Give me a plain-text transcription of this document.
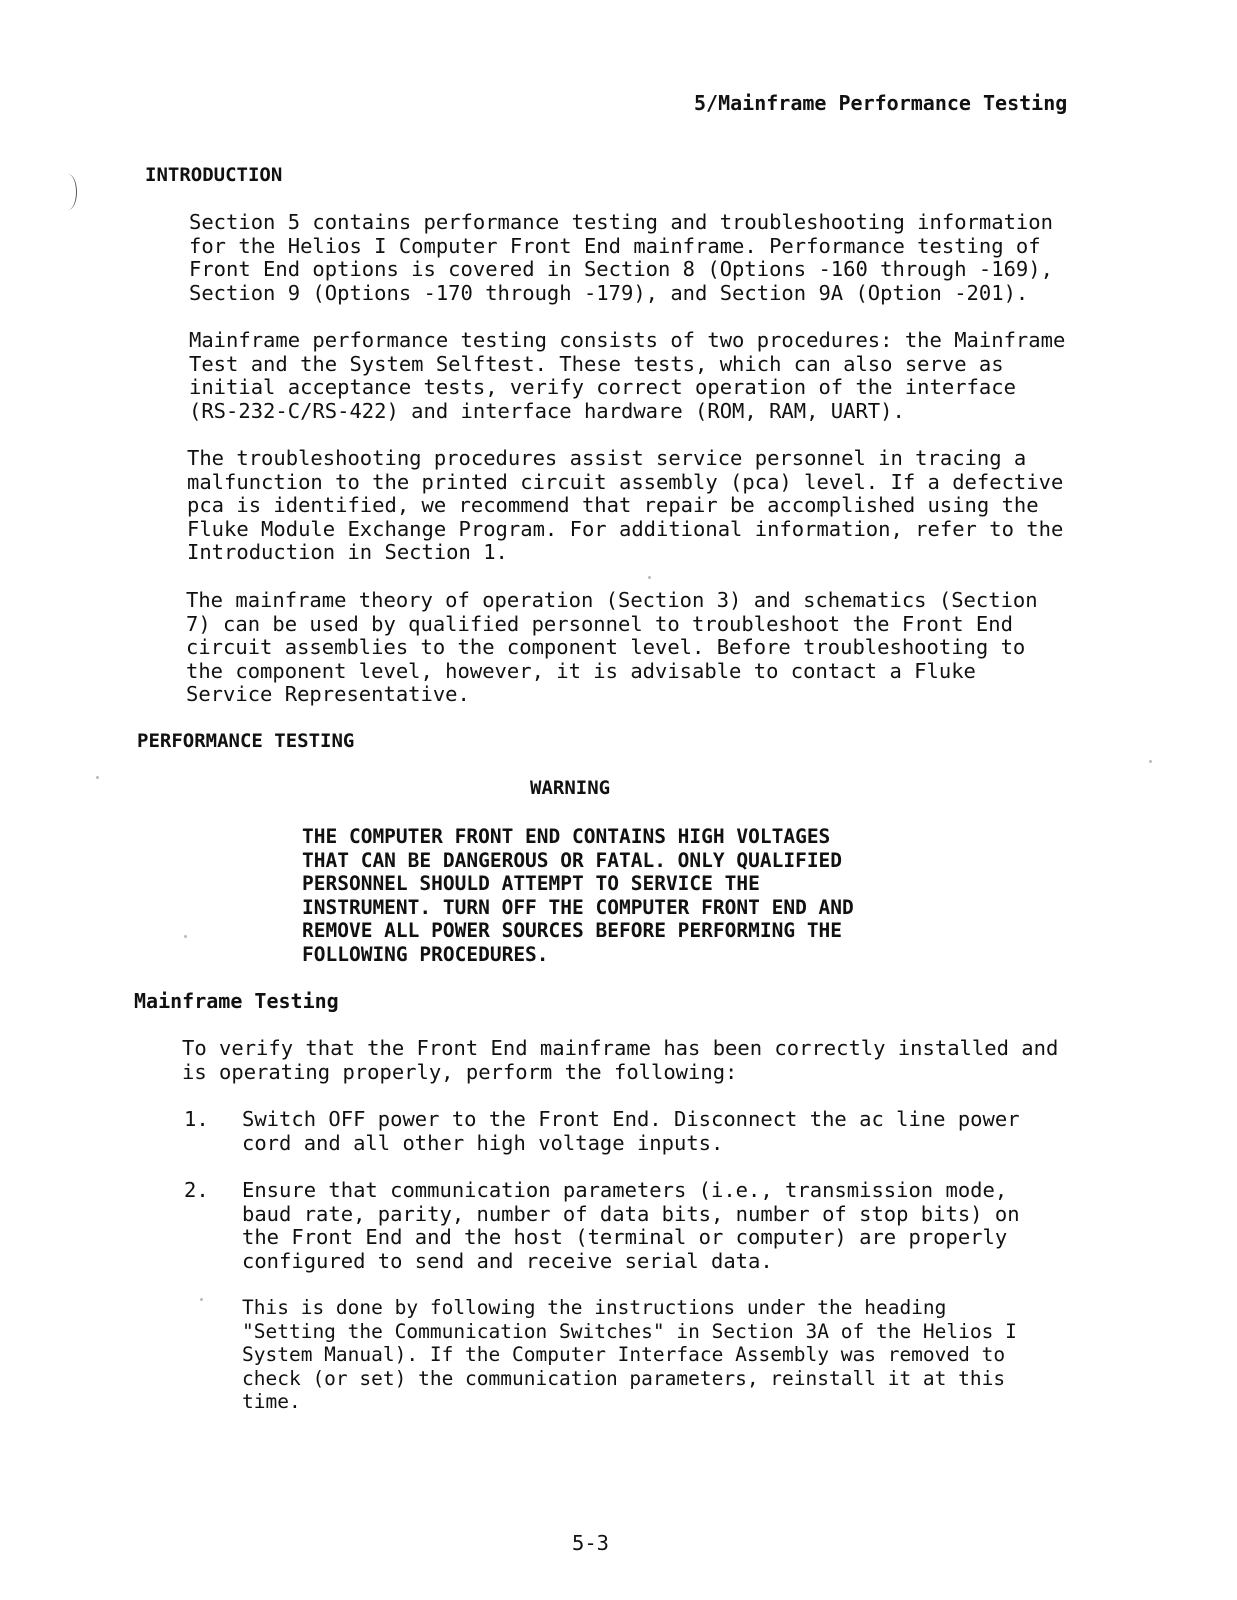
5/Mainframe Performance Testing
INTRODUCTION
Section 5 contains performance testing and troubleshooting information
for the Helios I Computer Front End mainframe. Performance testing of
Front End options is covered in Section 8 (Options -160 through -169),
Section 9 (Options -170 through -179), and Section 9A (Option -201).
Mainframe performance testing consists of two procedures: the Mainframe
Test and the System Selftest. These tests, which can also serve as
initial acceptance tests, verify correct operation of the interface
(RS-232-C/RS-422) and interface hardware (ROM, RAM, UART).
The troubleshooting procedures assist service personnel in tracing a
malfunction to the printed circuit assembly (pca) level. If a defective
pca is identified, we recommend that repair be accomplished using the
Fluke Module Exchange Program. For additional information, refer to the
Introduction in Section 1.
The mainframe theory of operation (Section 3) and schematics (Section
7) can be used by qualified personnel to troubleshoot the Front End
circuit assemblies to the component level. Before troubleshooting to
the component level, however, it is advisable to contact a Fluke
Service Representative.
PERFORMANCE TESTING
WARNING
THE COMPUTER FRONT END CONTAINS HIGH VOLTAGES
THAT CAN BE DANGEROUS OR FATAL. ONLY QUALIFIED
PERSONNEL SHOULD ATTEMPT TO SERVICE THE
INSTRUMENT. TURN OFF THE COMPUTER FRONT END AND
REMOVE ALL POWER SOURCES BEFORE PERFORMING THE
FOLLOWING PROCEDURES.
Mainframe Testing
To verify that the Front End mainframe has been correctly installed and
is operating properly, perform the following:
1. Switch OFF power to the Front End. Disconnect the ac line power
cord and all other high voltage inputs.
2. Ensure that communication parameters (i.e., transmission mode,
baud rate, parity, number of data bits, number of stop bits) on
the Front End and the host (terminal or computer) are properly
configured to send and receive serial data.
This is done by following the instructions under the heading
"Setting the Communication Switches" in Section 3A of the Helios I
System Manual). If the Computer Interface Assembly was removed to
check (or set) the communication parameters, reinstall it at this
time.
5-3
